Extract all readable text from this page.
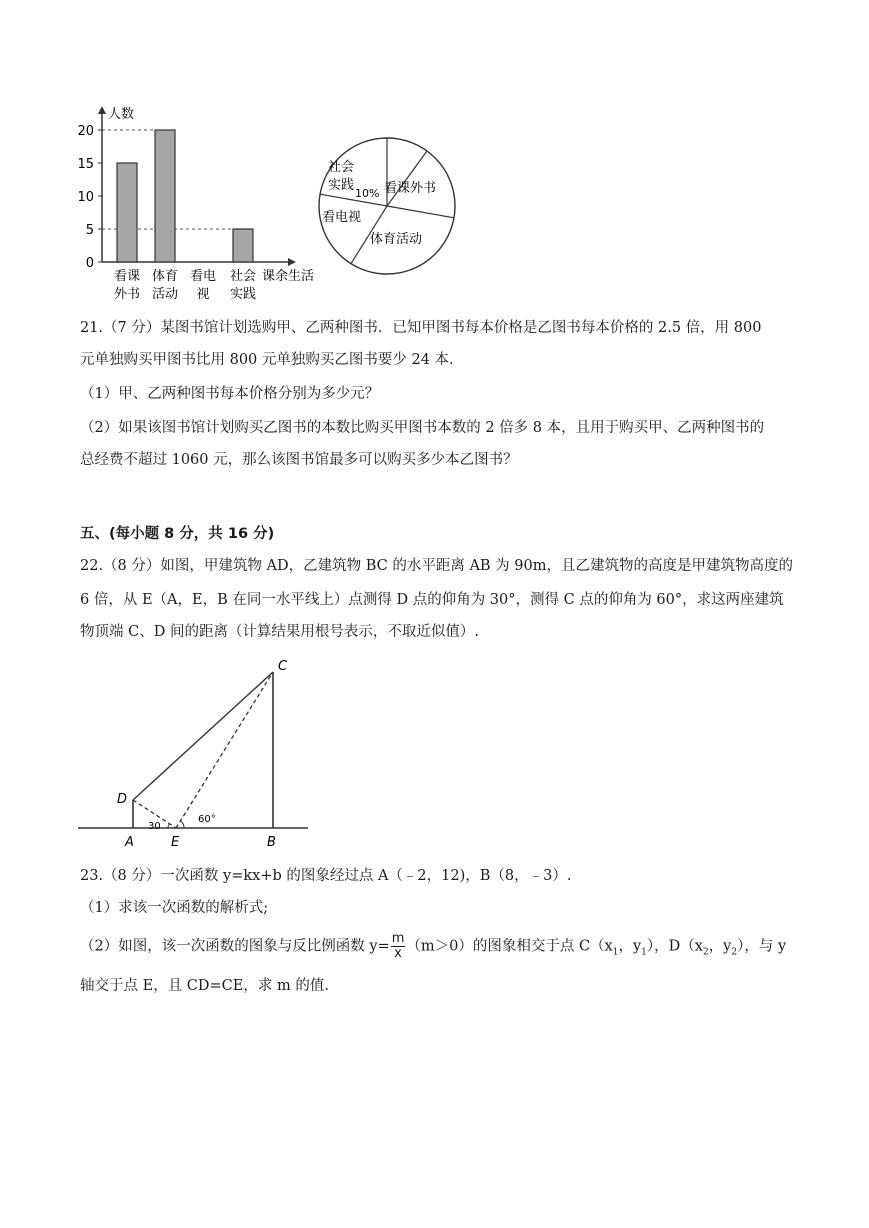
人数
课余生活
0
5
10
15
20
看课
外书
体育
活动
看电
视
社会
实践
看课外书
体育活动
看电视
社会
实践
10%
21.（7 分）某图书馆计划选购甲、乙两种图书．已知甲图书每本价格是乙图书每本价格的 2.5 倍，用 800
元单独购买甲图书比用 800 元单独购买乙图书要少 24 本．
（1）甲、乙两种图书每本价格分别为多少元？
（2）如果该图书馆计划购买乙图书的本数比购买甲图书本数的 2 倍多 8 本，且用于购买甲、乙两种图书的
总经费不超过 1060 元，那么该图书馆最多可以购买多少本乙图书？
五、(每小题 8 分，共 16 分)
22.（8 分）如图，甲建筑物 AD，乙建筑物 BC 的水平距离 AB 为 90m，且乙建筑物的高度是甲建筑物高度的
6 倍，从 E（A，E，B 在同一水平线上）点测得 D 点的仰角为 30°，测得 C 点的仰角为 60°，求这两座建筑
物顶端 C、D 间的距离（计算结果用根号表示，不取近似值）.
C
D
A	E	B
30
60°
23.（8 分）一次函数 y=kx+b 的图象经过点 A（﹣2，12)，B（8，﹣3）.
（1）求该一次函数的解析式;
（2）如图，该一次函数的图象与反比例函数 $y= \frac{m}{x} (m>0)$的图象相交于点 $C(x_1$，$y_1$），$D(x_2$，$y_2$），与 y
轴交于点 E，且 CD=CE，求 m 的值.
